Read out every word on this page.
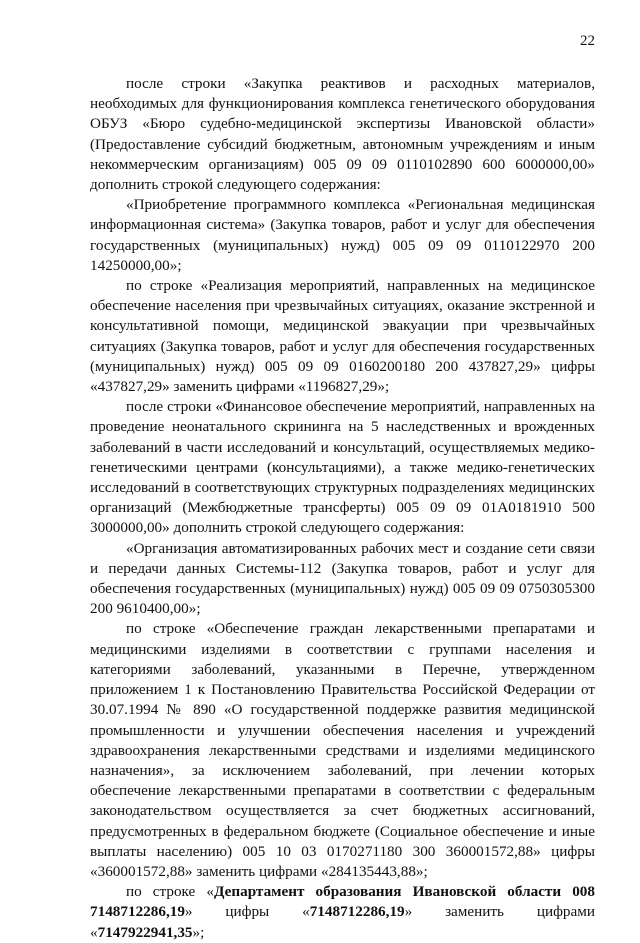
22

после строки «Закупка реактивов и расходных материалов, необходимых для функционирования комплекса генетического оборудования ОБУЗ «Бюро судебно-медицинской экспертизы Ивановской области» (Предоставление субсидий бюджетным, автономным учреждениям и иным некоммерческим организациям) 005 09 09 0110102890 600 6000000,00» дополнить строкой следующего содержания:

«Приобретение программного комплекса «Региональная медицинская информационная система» (Закупка товаров, работ и услуг для обеспечения государственных (муниципальных) нужд) 005 09 09 0110122970 200 14250000,00»;

по строке «Реализация мероприятий, направленных на медицинское обеспечение населения при чрезвычайных ситуациях, оказание экстренной и консультативной помощи, медицинской эвакуации при чрезвычайных ситуациях (Закупка товаров, работ и услуг для обеспечения государственных (муниципальных) нужд) 005 09 09 0160200180 200 437827,29» цифры «437827,29» заменить цифрами «1196827,29»;

после строки «Финансовое обеспечение мероприятий, направленных на проведение неонатального скрининга на 5 наследственных и врожденных заболеваний в части исследований и консультаций, осуществляемых медико-генетическими центрами (консультациями), а также медико-генетических исследований в соответствующих структурных подразделениях медицинских организаций (Межбюджетные трансферты) 005 09 09 01А0181910 500 3000000,00» дополнить строкой следующего содержания:

«Организация автоматизированных рабочих мест и создание сети связи и передачи данных Системы-112 (Закупка товаров, работ и услуг для обеспечения государственных (муниципальных) нужд) 005 09 09 0750305300 200 9610400,00»;

по строке «Обеспечение граждан лекарственными препаратами и медицинскими изделиями в соответствии с группами населения и категориями заболеваний, указанными в Перечне, утвержденном приложением 1 к Постановлению Правительства Российской Федерации от 30.07.1994 № 890 «О государственной поддержке развития медицинской промышленности и улучшении обеспечения населения и учреждений здравоохранения лекарственными средствами и изделиями медицинского назначения», за исключением заболеваний, при лечении которых обеспечение лекарственными препаратами в соответствии с федеральным законодательством осуществляется за счет бюджетных ассигнований, предусмотренных в федеральном бюджете (Социальное обеспечение и иные выплаты населению) 005 10 03 0170271180 300 360001572,88» цифры «360001572,88» заменить цифрами «284135443,88»;

по строке «Департамент образования Ивановской области 008 7148712286,19» цифры «7148712286,19» заменить цифрами «7147922941,35»;
